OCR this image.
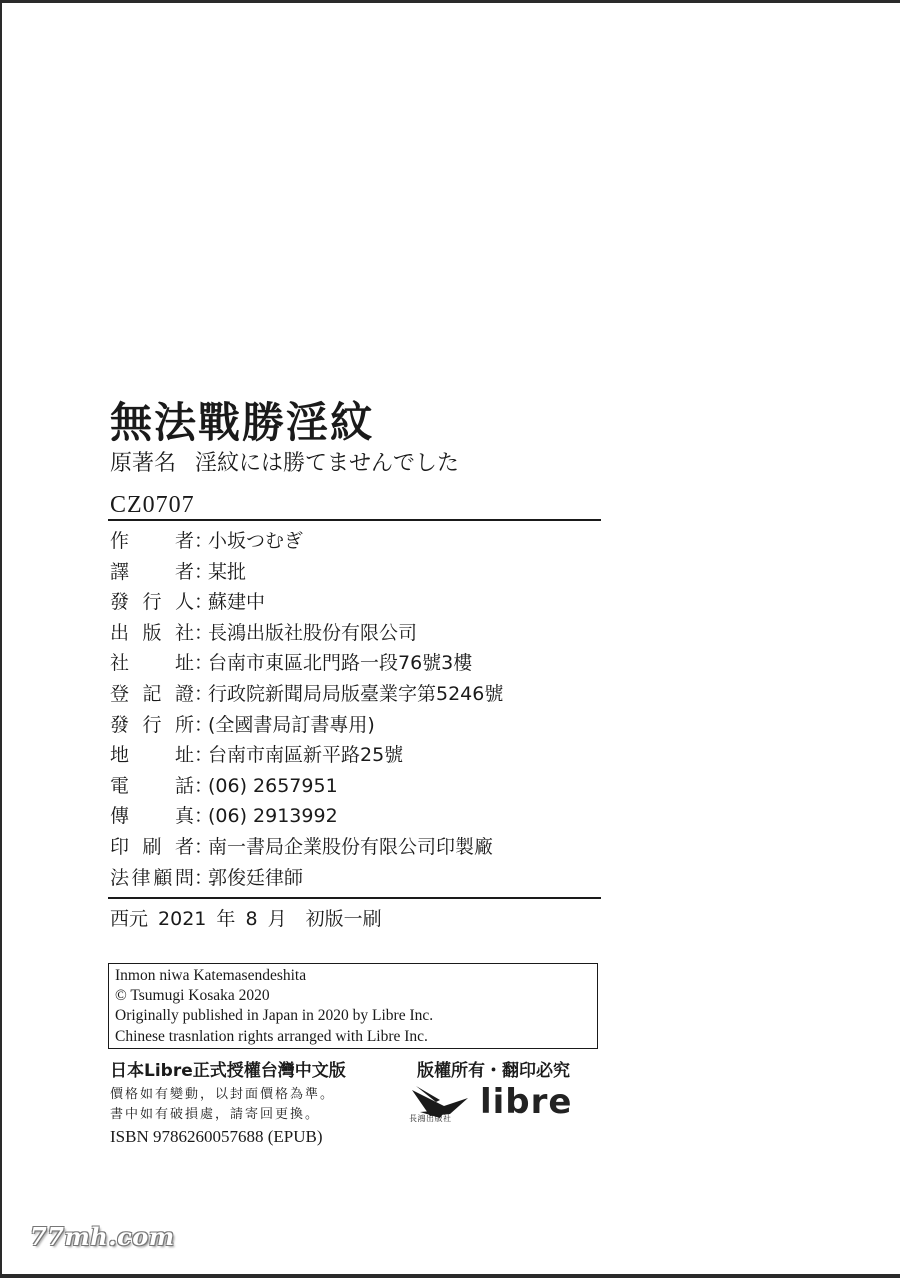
無法戰勝淫紋
原著名 淫紋には勝てませんでした
CZ0707
作者 ：
小坂つむぎ
譯者 ：
某批
發行人 ：
蘇建中
出版社 ：
長鴻出版社股份有限公司
社址 ：
台南市東區北門路一段76號3樓
登記證 ：
行政院新聞局局版臺業字第5246號
發行所 ：
(全國書局訂書專用)
地址 ：
台南市南區新平路25號
電話 ：
(06) 2657951
傳真 ：
(06) 2913992
印刷者 ：
南一書局企業股份有限公司印製廠
法律顧問 ：
郭俊廷律師
西元 2021 年 8 月　初版一刷
Inmon niwa Katemasendeshita
© Tsumugi Kosaka 2020
Originally published in Japan in 2020 by Libre Inc.
Chinese trasnlation rights arranged with Libre Inc.
日本Libre正式授權台灣中文版	版權所有・翻印必究
價格如有變動，以封面價格為準。
書中如有破損處，請寄回更換。
ISBN 9786260057688 (EPUB)
長鴻出版社 libre
77mh.com
